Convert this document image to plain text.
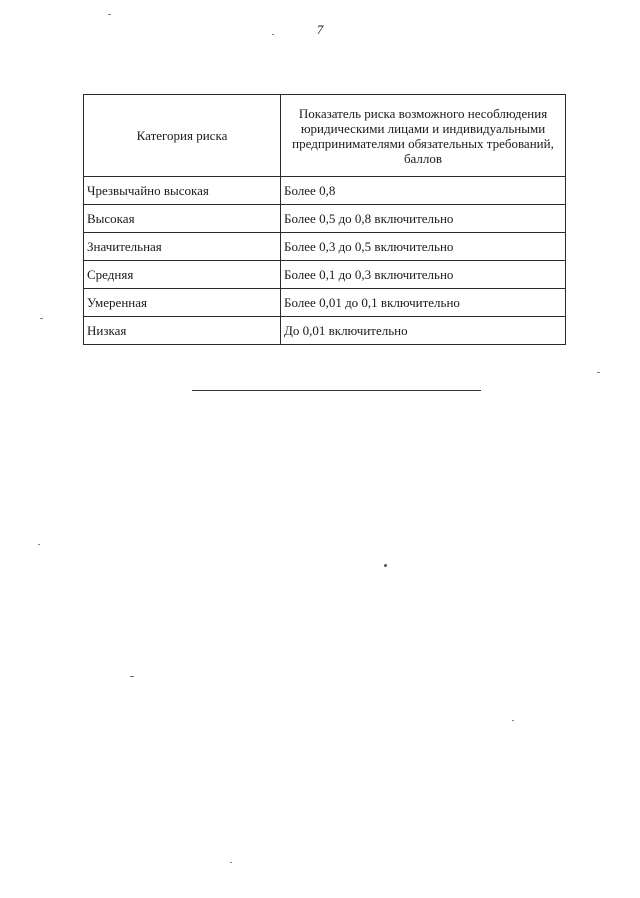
7
Категория риска	Показатель риска возможного несоблюдения юридическими лицами и индивидуальными предпринимателями обязательных требований, баллов
Чрезвычайно высокая	Более 0,8
Высокая	Более 0,5 до 0,8 включительно
Значительная	Более 0,3 до 0,5 включительно
Средняя	Более 0,1 до 0,3 включительно
Умеренная	Более 0,01 до 0,1 включительно
Низкая	До 0,01 включительно
